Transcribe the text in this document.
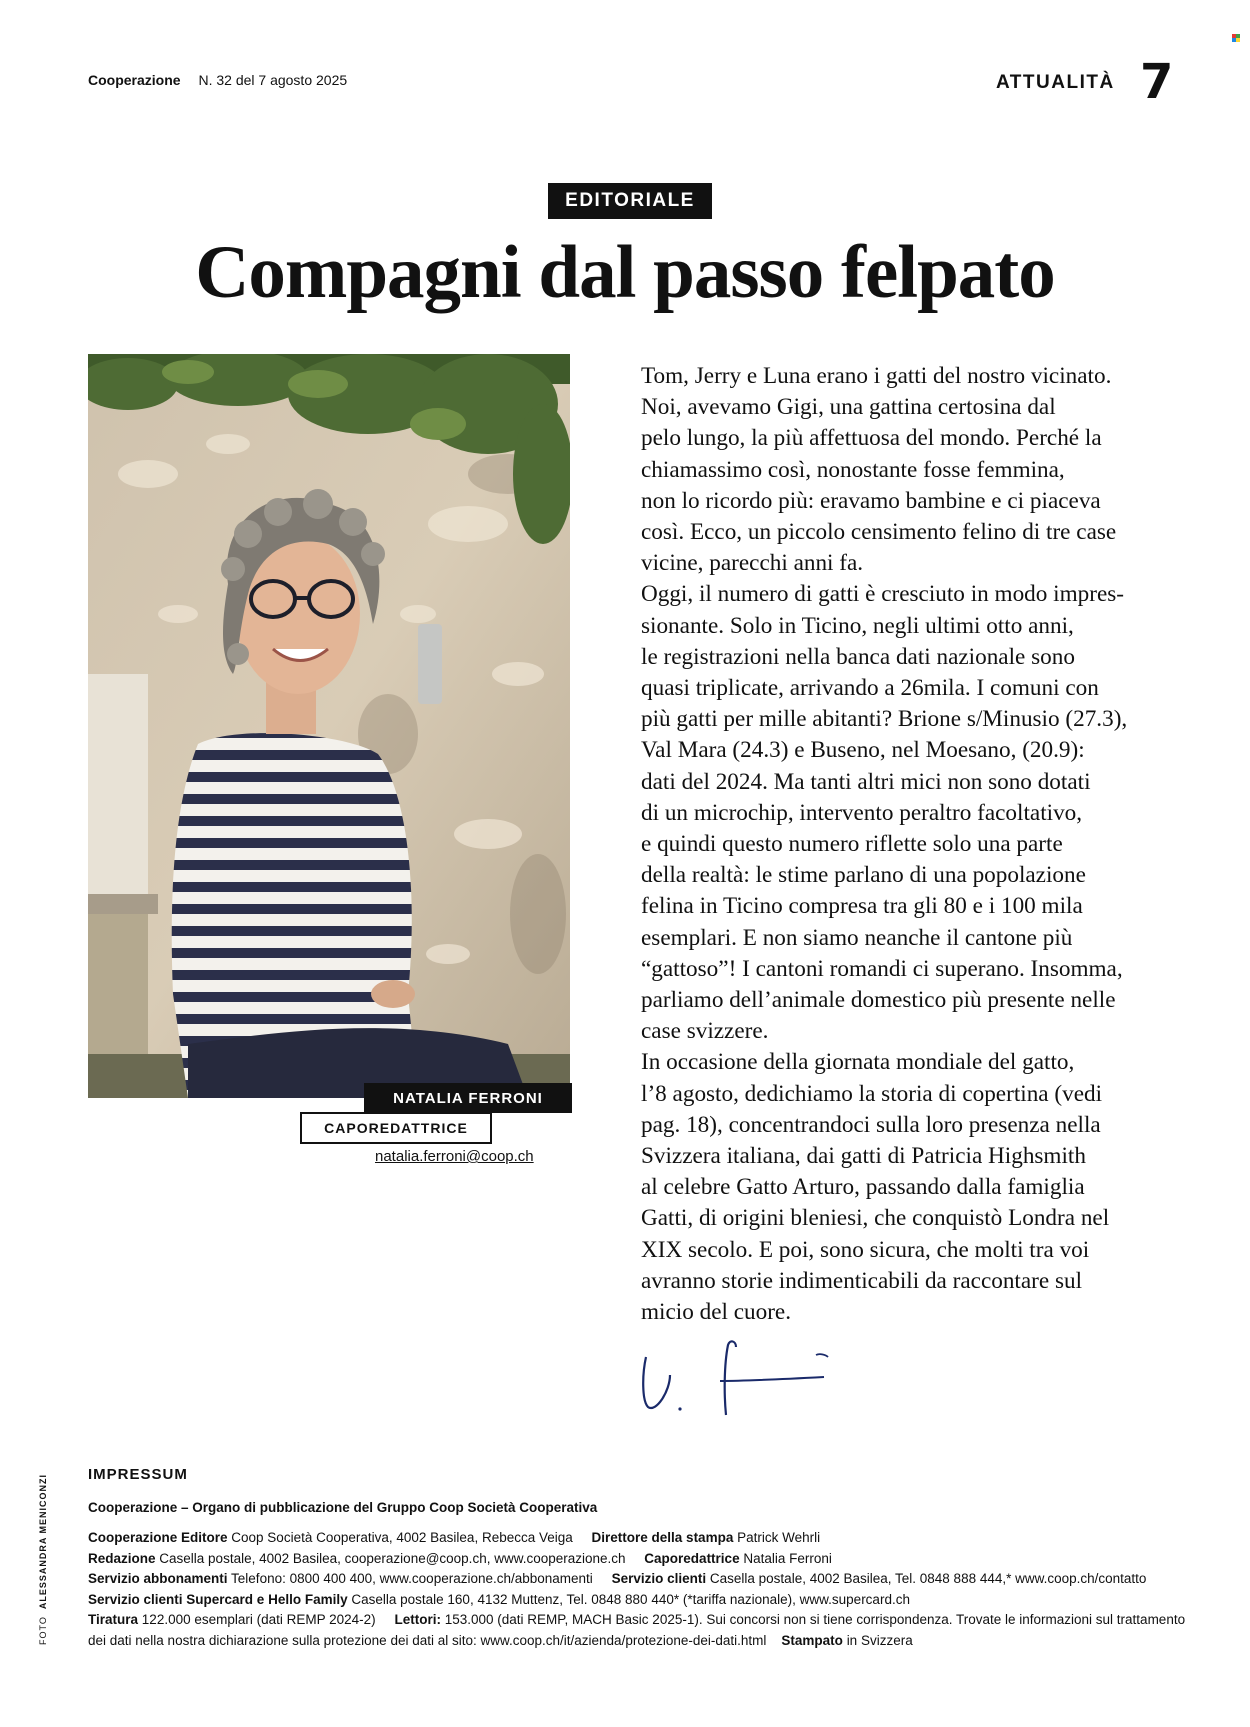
Cooperazione N. 32 del 7 agosto 2025	ATTUALITÀ 7
EDITORIALE
Compagni dal passo felpato
NATALIA FERRONI
CAPOREDATTRICE
natalia.ferroni@coop.ch

Tom, Jerry e Luna erano i gatti del nostro vicinato.
Noi, avevamo Gigi, una gattina certosina dal
pelo lungo, la più affettuosa del mondo. Perché la
chiamassimo così, nonostante fosse femmina,
non lo ricordo più: eravamo bambine e ci piaceva
così. Ecco, un piccolo censimento felino di tre case
vicine, parecchi anni fa.

Oggi, il numero di gatti è cresciuto in modo impres-
sionante. Solo in Ticino, negli ultimi otto anni,
le registrazioni nella banca dati nazionale sono
quasi triplicate, arrivando a 26mila. I comuni con
più gatti per mille abitanti? Brione s/Minusio (27.3),
Val Mara (24.3) e Buseno, nel Moesano, (20.9):
dati del 2024. Ma tanti altri mici non sono dotati
di un microchip, intervento peraltro facoltativo,
e quindi questo numero riflette solo una parte
della realtà: le stime parlano di una popolazione
felina in Ticino compresa tra gli 80 e i 100 mila
esemplari. E non siamo neanche il cantone più
“gattoso”! I cantoni romandi ci superano. Insomma,
parliamo dell’animale domestico più presente nelle
case svizzere.

In occasione della giornata mondiale del gatto,
l’8 agosto, dedichiamo la storia di copertina (vedi
pag. 18), concentrandoci sulla loro presenza nella
Svizzera italiana, dai gatti di Patricia Highsmith
al celebre Gatto Arturo, passando dalla famiglia
Gatti, di origini bleniesi, che conquistò Londra nel
XIX secolo. E poi, sono sicura, che molti tra voi
avranno storie indimenticabili da raccontare sul
micio del cuore.

IMPRESSUM
Cooperazione – Organo di pubblicazione del Gruppo Coop Società Cooperativa
Cooperazione Editore Coop Società Cooperativa, 4002 Basilea, Rebecca Veiga Direttore della stampa Patrick Wehrli
Redazione Casella postale, 4002 Basilea, cooperazione@coop.ch, www.cooperazione.ch Caporedattrice Natalia Ferroni
Servizio abbonamenti Telefono: 0800 400 400, www.cooperazione.ch/abbonamenti Servizio clienti Casella postale, 4002 Basilea, Tel. 0848 888 444,* www.coop.ch/contatto
Servizio clienti Supercard e Hello Family Casella postale 160, 4132 Muttenz, Tel. 0848 880 440* (*tariffa nazionale), www.supercard.ch
Tiratura 122.000 esemplari (dati REMP 2024-2) Lettori: 153.000 (dati REMP, MACH Basic 2025-1). Sui concorsi non si tiene corrispondenza. Trovate le informazioni sul trattamento
dei dati nella nostra dichiarazione sulla protezione dei dati al sito: www.coop.ch/it/azienda/protezione-dei-dati.html Stampato in Svizzera
FOTO  ALESSANDRA MENICONZI
